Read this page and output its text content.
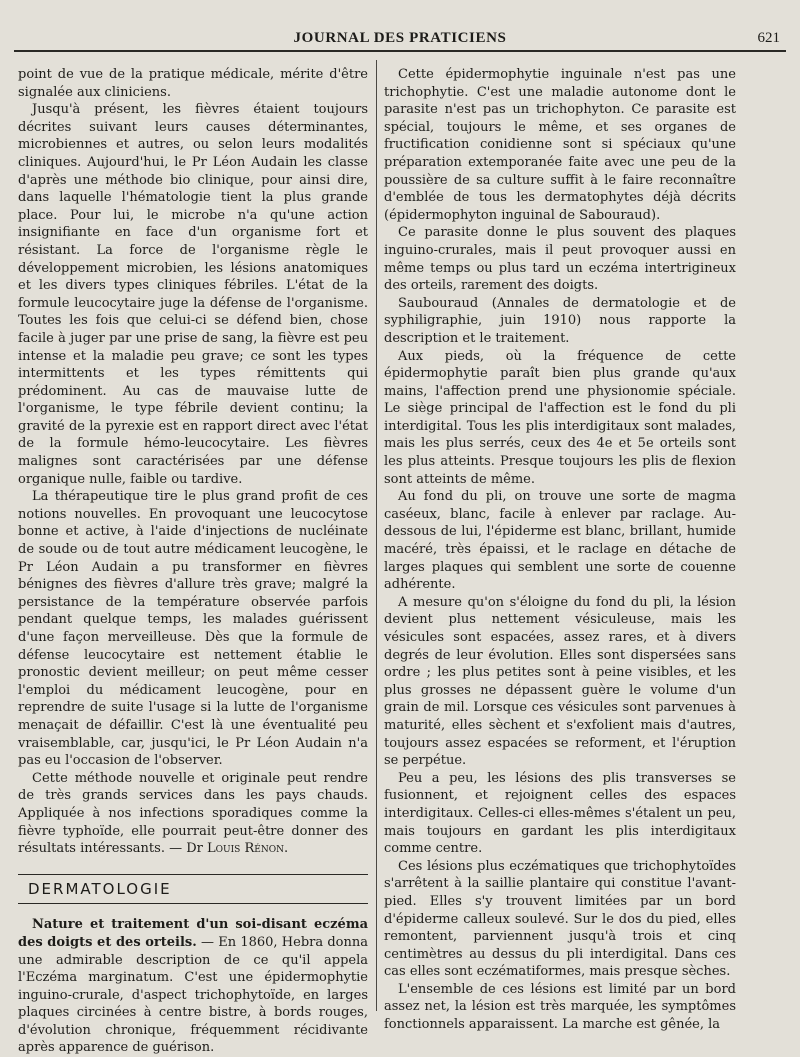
JOURNAL DES PRATICIENS	621

point de vue de la pratique médicale, mérite d'être signalée aux cliniciens.

Jusqu'à présent, les fièvres étaient toujours décrites suivant leurs causes déterminantes, microbiennes et autres, ou selon leurs modalités cliniques. Aujourd'hui, le Pr Léon Audain les classe d'après une méthode bio clinique, pour ainsi dire, dans laquelle l'hématologie tient la plus grande place. Pour lui, le microbe n'a qu'une action insignifiante en face d'un organisme fort et résistant. La force de l'organisme règle le développement microbien, les lésions anatomiques et les divers types cliniques fébriles. L'état de la formule leucocytaire juge la défense de l'organisme. Toutes les fois que celui-ci se défend bien, chose facile à juger par une prise de sang, la fièvre est peu intense et la maladie peu grave; ce sont les types intermittents et les types rémittents qui prédominent. Au cas de mauvaise lutte de l'organisme, le type fébrile devient continu; la gravité de la pyrexie est en rapport direct avec l'état de la formule hémo-leucocytaire. Les fièvres malignes sont caractérisées par une défense organique nulle, faible ou tardive.

La thérapeutique tire le plus grand profit de ces notions nouvelles. En provoquant une leucocytose bonne et active, à l'aide d'injections de nucléinate de soude ou de tout autre médicament leucogène, le Pr Léon Audain a pu transformer en fièvres bénignes des fièvres d'allure très grave; malgré la persistance de la température observée parfois pendant quelque temps, les malades guérissent d'une façon merveilleuse. Dès que la formule de défense leucocytaire est nettement établie le pronostic devient meilleur; on peut même cesser l'emploi du médicament leucogène, pour en reprendre de suite l'usage si la lutte de l'organisme menaçait de défaillir. C'est là une éventualité peu vraisemblable, car, jusqu'ici, le Pr Léon Audain n'a pas eu l'occasion de l'observer.

Cette méthode nouvelle et originale peut rendre de très grands services dans les pays chauds. Appliquée à nos infections sporadiques comme la fièvre typhoïde, elle pourrait peut-être donner des résultats intéressants. — Dr Louis Rénon.

DERMATOLOGIE

Nature et traitement d'un soi-disant eczéma des doigts et des orteils. — En 1860, Hebra donna une admirable description de ce qu'il appela l'Eczéma marginatum. C'est une épidermophytie inguino-crurale, d'aspect trichophytoïde, en larges plaques circinées à centre bistre, à bords rouges, d'évolution chronique, fréquemment récidivante après apparence de guérison.

Cette épidermophytie inguinale n'est pas une trichophytie. C'est une maladie autonome dont le parasite n'est pas un trichophyton. Ce parasite est spécial, toujours le même, et ses organes de fructification conidienne sont si spéciaux qu'une préparation extemporanée faite avec une peu de la poussière de sa culture suffit à le faire reconnaître d'emblée de tous les dermatophytes déjà décrits (épidermophyton inguinal de Sabouraud).

Ce parasite donne le plus souvent des plaques inguino-crurales, mais il peut provoquer aussi en même temps ou plus tard un eczéma intertrigineux des orteils, rarement des doigts.

Saubouraud (Annales de dermatologie et de syphiligraphie, juin 1910) nous rapporte la description et le traitement.

Aux pieds, où la fréquence de cette épidermophytie paraît bien plus grande qu'aux mains, l'affection prend une physionomie spéciale. Le siège principal de l'affection est le fond du pli interdigital. Tous les plis interdigitaux sont malades, mais les plus serrés, ceux des 4e et 5e orteils sont les plus atteints. Presque toujours les plis de flexion sont atteints de même.

Au fond du pli, on trouve une sorte de magma caséeux, blanc, facile à enlever par raclage. Au-dessous de lui, l'épiderme est blanc, brillant, humide macéré, très épaissi, et le raclage en détache de larges plaques qui semblent une sorte de couenne adhérente.

A mesure qu'on s'éloigne du fond du pli, la lésion devient plus nettement vésiculeuse, mais les vésicules sont espacées, assez rares, et à divers degrés de leur évolution. Elles sont dispersées sans ordre ; les plus petites sont à peine visibles, et les plus grosses ne dépassent guère le volume d'un grain de mil. Lorsque ces vésicules sont parvenues à maturité, elles sèchent et s'exfolient mais d'autres, toujours assez espacées se reforment, et l'éruption se perpétue.

Peu a peu, les lésions des plis transverses se fusionnent, et rejoignent celles des espaces interdigitaux. Celles-ci elles-mêmes s'étalent un peu, mais toujours en gardant les plis interdigitaux comme centre.

Ces lésions plus eczématiques que trichophytoïdes s'arrêtent à la saillie plantaire qui constitue l'avant-pied. Elles s'y trouvent limitées par un bord d'épiderme calleux soulevé. Sur le dos du pied, elles remontent, parviennent jusqu'à trois et cinq centimètres au dessus du pli interdigital. Dans ces cas elles sont eczématiformes, mais presque sèches.

L'ensemble de ces lésions est limité par un bord assez net, la lésion est très marquée, les symptômes fonctionnels apparaissent. La marche est gênée, la
